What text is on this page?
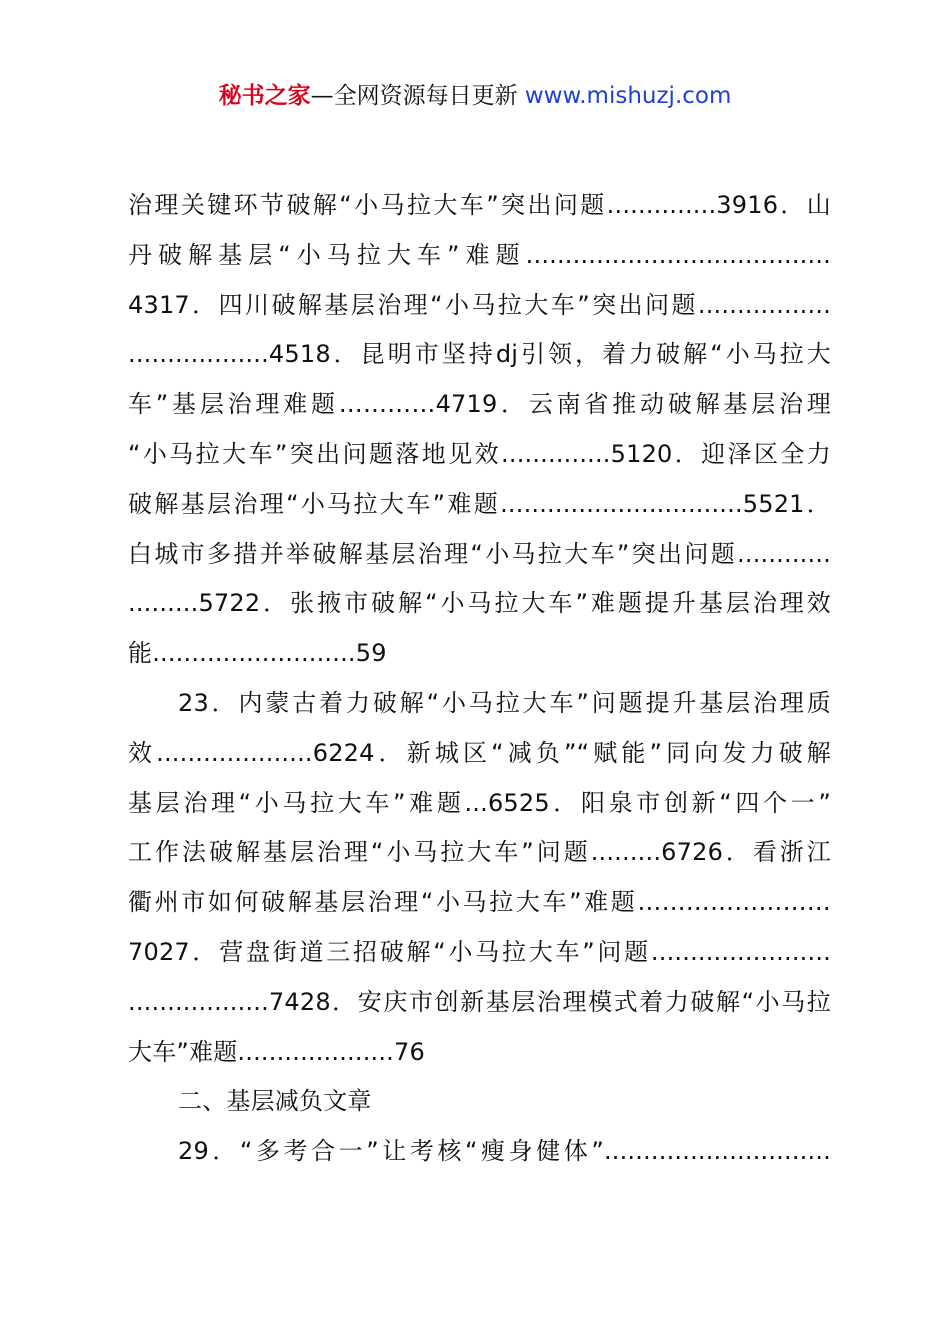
秘书之家—全网资源每日更新 www.mishuzj.com
治理关键环节破解“小马拉大车”突出问题..............3916．山
丹破解基层“小马拉大车”难题.......................................
4317．四川破解基层治理“小马拉大车”突出问题.................
..................4518．昆明市坚持dj引领，着力破解“小马拉大
车”基层治理难题…………4719．云南省推动破解基层治理
“小马拉大车”突出问题落地见效..............5120．迎泽区全力
破解基层治理“小马拉大车”难题...............................5521．
白城市多措并举破解基层治理“小马拉大车”突出问题............
.........5722．张掖市破解“小马拉大车”难题提升基层治理效
能..........................59
23．内蒙古着力破解“小马拉大车”问题提升基层治理质
效....................6224．新城区“减负”“赋能”同向发力破解
基层治理“小马拉大车”难题...6525．阳泉市创新“四个一”
工作法破解基层治理“小马拉大车”问题.........6726．看浙江
衢州市如何破解基层治理“小马拉大车”难题……………………
7027．营盘街道三招破解“小马拉大车”问题.......................
..................7428．安庆市创新基层治理模式着力破解“小马拉
大车”难题....................76
二、基层减负文章
29．“多考合一”让考核“瘦身健体”.............................
